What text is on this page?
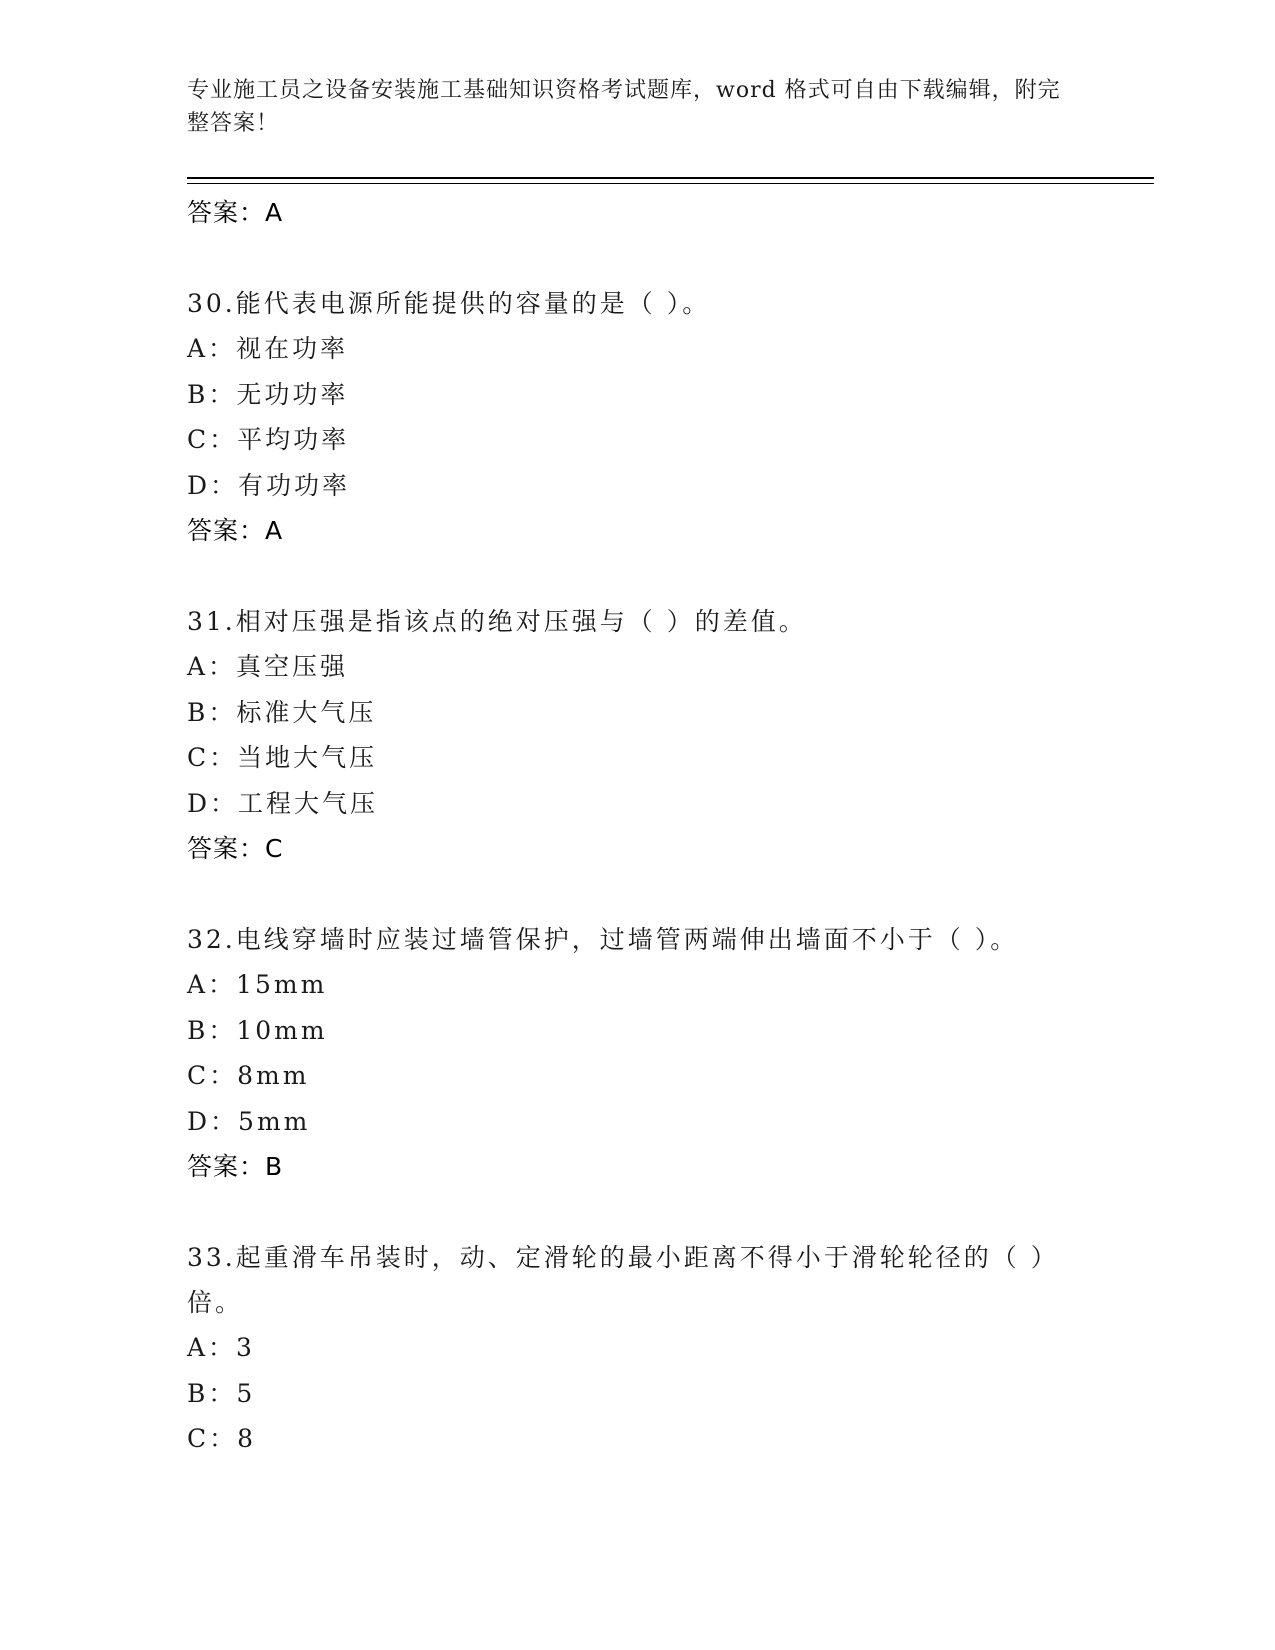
专业施工员之设备安装施工基础知识资格考试题库，word 格式可自由下载编辑，附完整答案！
答案：A
30.能代表电源所能提供的容量的是（ ）。
A：视在功率
B：无功功率
C：平均功率
D：有功功率
答案：A
31.相对压强是指该点的绝对压强与（ ）的差值。
A：真空压强
B：标准大气压
C：当地大气压
D：工程大气压
答案：C
32.电线穿墙时应装过墙管保护，过墙管两端伸出墙面不小于（ ）。
A：15mm
B：10mm
C：8mm
D：5mm
答案：B
33.起重滑车吊装时，动、定滑轮的最小距离不得小于滑轮轮径的（ ）倍。
A：3
B：5
C：8
